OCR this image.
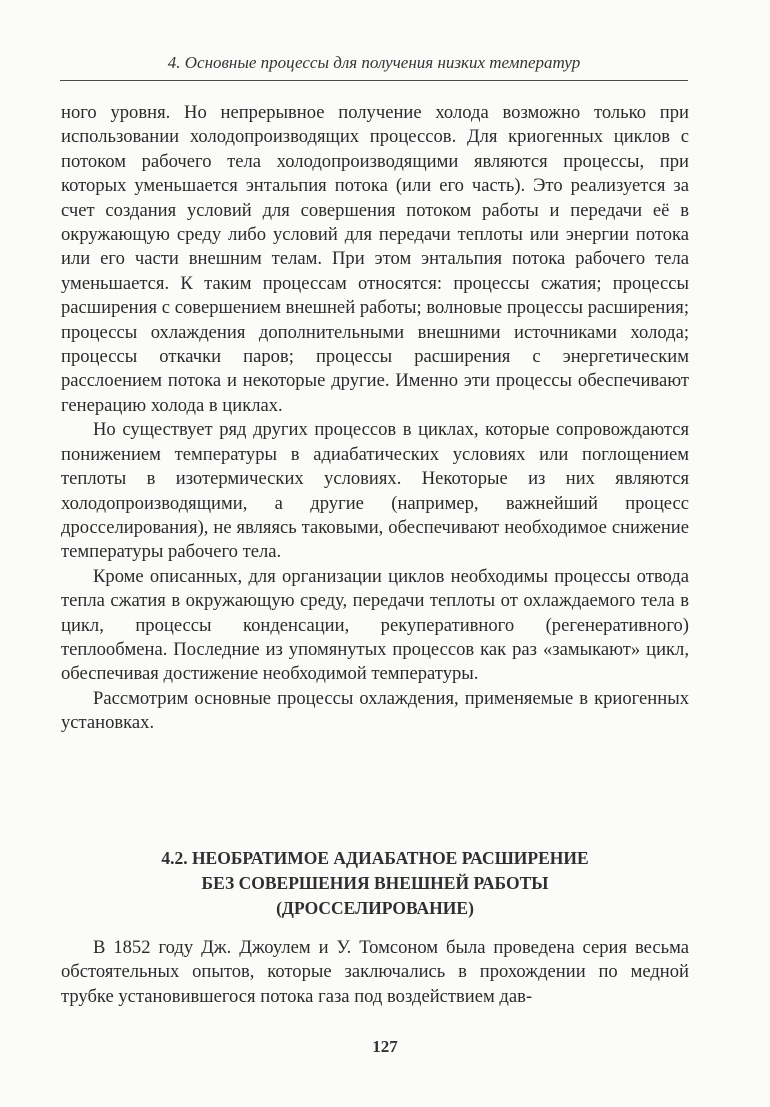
4. Основные процессы для получения низких температур

ного уровня. Но непрерывное получение холода возможно только при использовании холодопроизводящих процессов. Для криогенных циклов с потоком рабочего тела холодопроизводящими являются процессы, при которых уменьшается энтальпия потока (или его часть). Это реализуется за счет создания условий для совершения потоком работы и передачи её в окружающую среду либо условий для передачи теплоты или энергии потока или его части внешним телам. При этом энтальпия потока рабочего тела уменьшается. К таким процессам относятся: процессы сжатия; процессы расширения с совершением внешней работы; волновые процессы расширения; процессы охлаждения дополнительными внешними источниками холода; процессы откачки паров; процессы расширения с энергетическим расслоением потока и некоторые другие. Именно эти процессы обеспечивают генерацию холода в циклах.

Но существует ряд других процессов в циклах, которые сопровождаются понижением температуры в адиабатических условиях или поглощением теплоты в изотермических условиях. Некоторые из них являются холодопроизводящими, а другие (например, важнейший процесс дросселирования), не являясь таковыми, обеспечивают необходимое снижение температуры рабочего тела.

Кроме описанных, для организации циклов необходимы процессы отвода тепла сжатия в окружающую среду, передачи теплоты от охлаждаемого тела в цикл, процессы конденсации, рекуперативного (регенеративного) теплообмена. Последние из упомянутых процессов как раз «замыкают» цикл, обеспечивая достижение необходимой температуры.

Рассмотрим основные процессы охлаждения, применяемые в криогенных установках.

4.2. НЕОБРАТИМОЕ АДИАБАТНОЕ РАСШИРЕНИЕ
БЕЗ СОВЕРШЕНИЯ ВНЕШНЕЙ РАБОТЫ
(ДРОССЕЛИРОВАНИЕ)

В 1852 году Дж. Джоулем и У. Томсоном была проведена серия весьма обстоятельных опытов, которые заключались в прохождении по медной трубке установившегося потока газа под воздействием дав-

127
